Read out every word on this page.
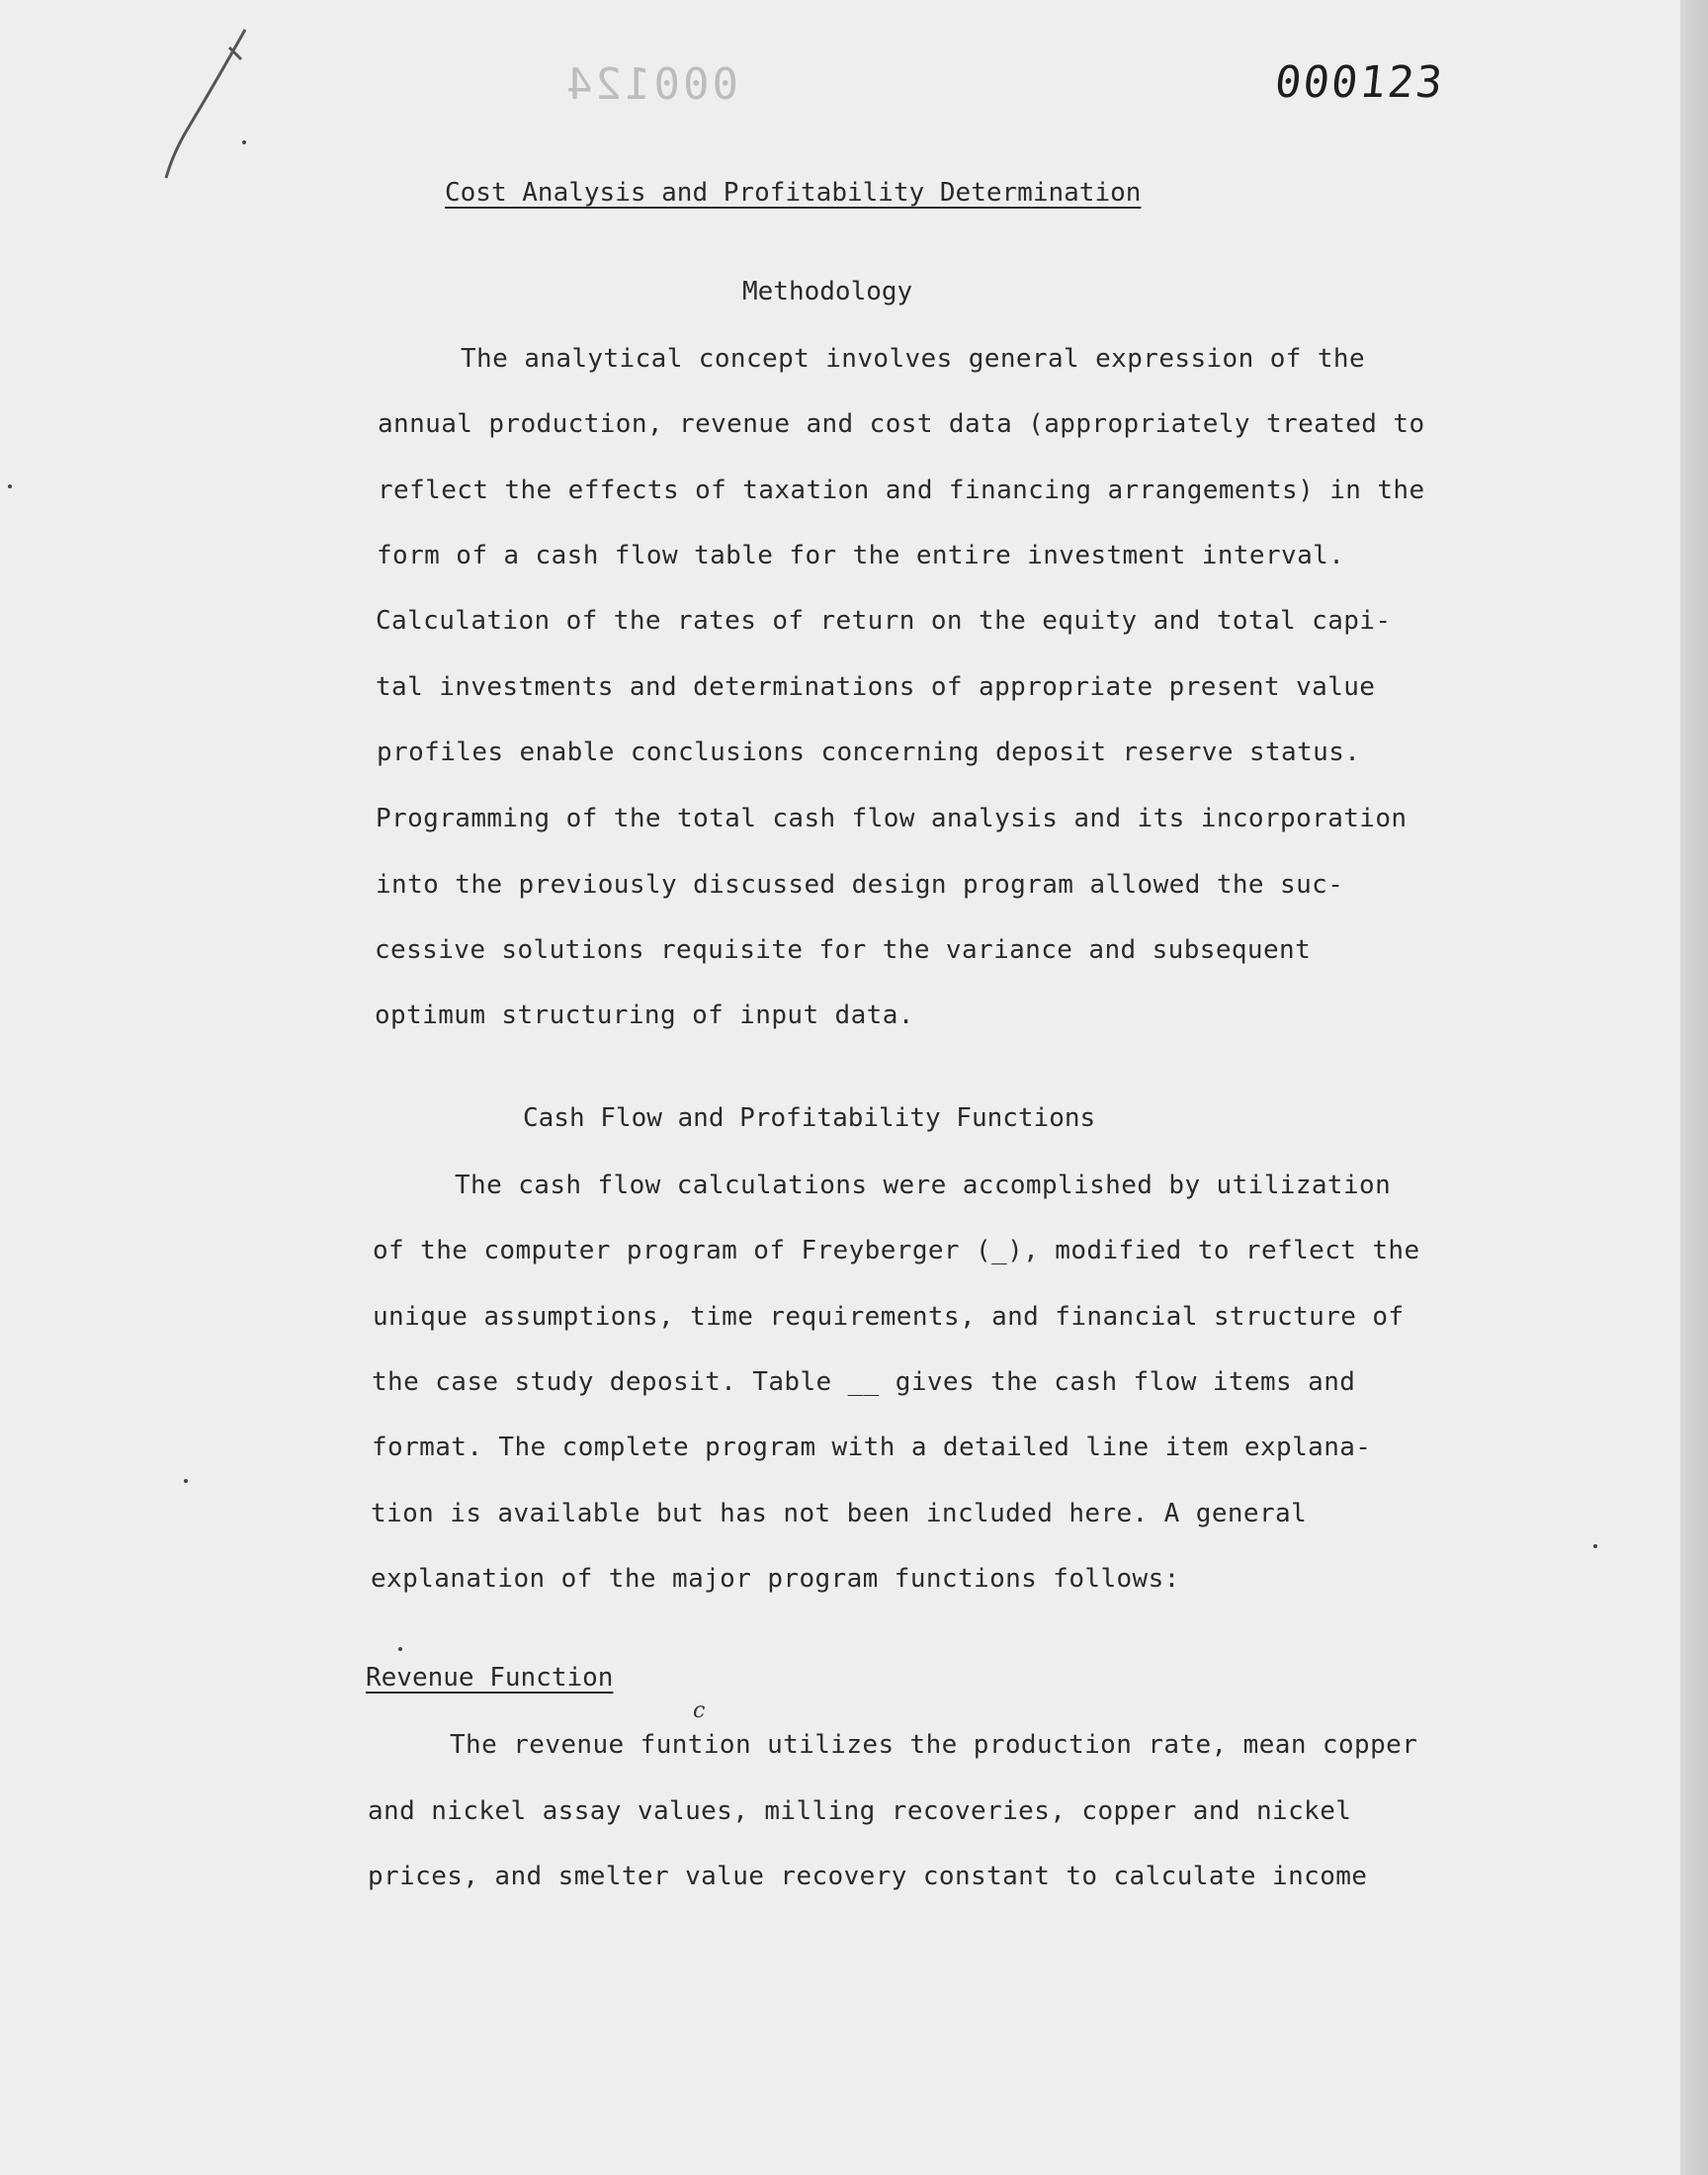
000124	000123
Cost Analysis and Profitability Determination
Methodology
The analytical concept involves general expression of the
annual production, revenue and cost data (appropriately treated to
reflect the effects of taxation and financing arrangements) in the
form of a cash flow table for the entire investment interval.
Calculation of the rates of return on the equity and total capi-
tal investments and determinations of appropriate present value
profiles enable conclusions concerning deposit reserve status.
Programming of the total cash flow analysis and its incorporation
into the previously discussed design program allowed the suc-
cessive solutions requisite for the variance and subsequent
optimum structuring of input data.
Cash Flow and Profitability Functions
The cash flow calculations were accomplished by utilization
of the computer program of Freyberger (_), modified to reflect the
unique assumptions, time requirements, and financial structure of
the case study deposit. Table __ gives the cash flow items and
format. The complete program with a detailed line item explana-
tion is available but has not been included here. A general
explanation of the major program functions follows:
Revenue Function
c
The revenue funtion utilizes the production rate, mean copper
and nickel assay values, milling recoveries, copper and nickel
prices, and smelter value recovery constant to calculate income
